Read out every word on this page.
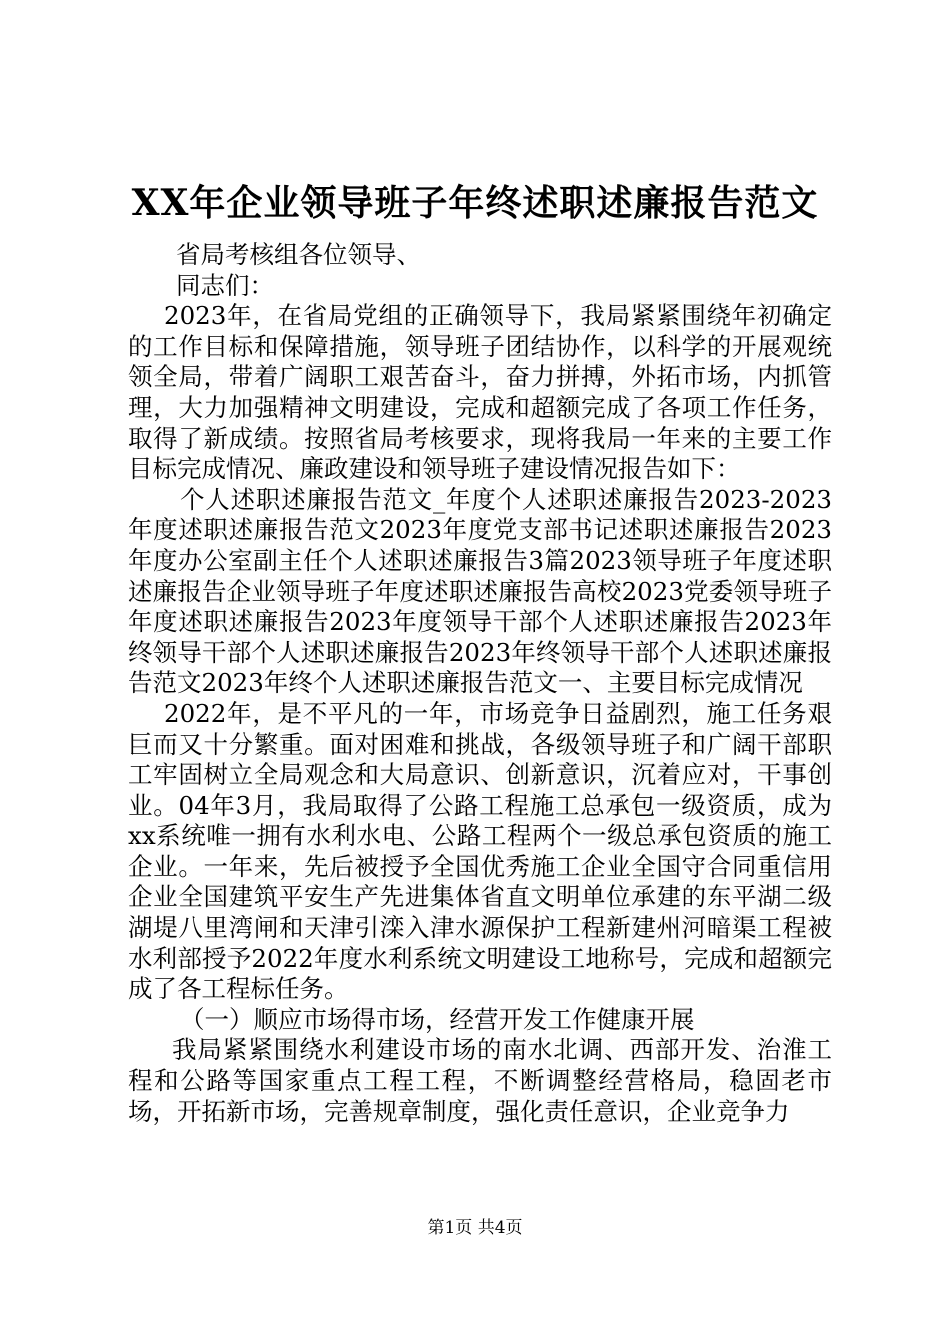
XX年企业领导班子年终述职述廉报告范文

省局考核组各位领导、

同志们：

2023年，在省局党组的正确领导下，我局紧紧围绕年初确定的工作目标和保障措施，领导班子团结协作，以科学的开展观统领全局，带着广阔职工艰苦奋斗，奋力拼搏，外拓市场，内抓管理，大力加强精神文明建设，完成和超额完成了各项工作任务，取得了新成绩。按照省局考核要求，现将我局一年来的主要工作目标完成情况、廉政建设和领导班子建设情况报告如下：

个人述职述廉报告范文_年度个人述职述廉报告2023-2023年度述职述廉报告范文2023年度党支部书记述职述廉报告2023年度办公室副主任个人述职述廉报告3篇2023领导班子年度述职述廉报告企业领导班子年度述职述廉报告高校2023党委领导班子年度述职述廉报告2023年度领导干部个人述职述廉报告2023年终领导干部个人述职述廉报告2023年终领导干部个人述职述廉报告范文2023年终个人述职述廉报告范文一、主要目标完成情况

2022年，是不平凡的一年，市场竞争日益剧烈，施工任务艰巨而又十分繁重。面对困难和挑战，各级领导班子和广阔干部职工牢固树立全局观念和大局意识、创新意识，沉着应对，干事创业。04年3月，我局取得了公路工程施工总承包一级资质，成为xx系统唯一拥有水利水电、公路工程两个一级总承包资质的施工企业。一年来，先后被授予全国优秀施工企业全国守合同重信用企业全国建筑平安生产先进集体省直文明单位承建的东平湖二级湖堤八里湾闸和天津引滦入津水源保护工程新建州河暗渠工程被水利部授予2022年度水利系统文明建设工地称号，完成和超额完成了各工程标任务。

（一）顺应市场得市场，经营开发工作健康开展

我局紧紧围绕水利建设市场的南水北调、西部开发、治淮工程和公路等国家重点工程工程，不断调整经营格局，稳固老市场，开拓新市场，完善规章制度，强化责任意识，企业竞争力

第1页 共4页
